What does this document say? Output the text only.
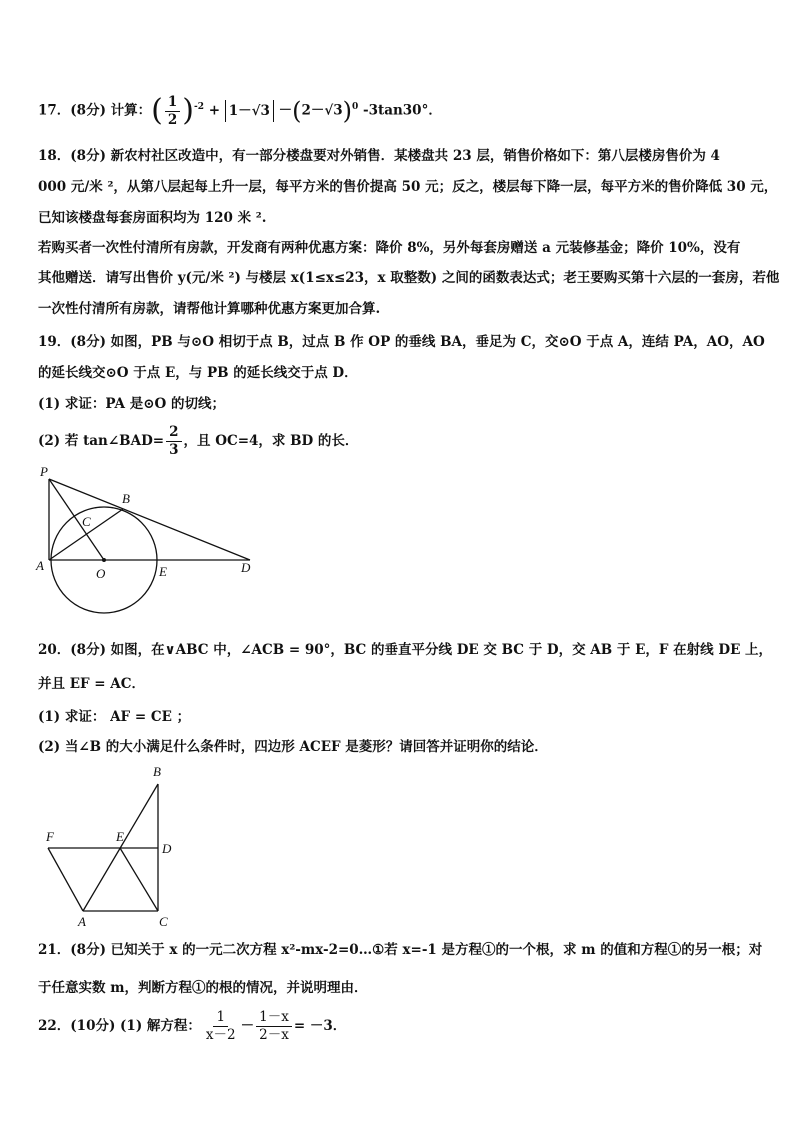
17．(8分) 计算：( $\frac{1}{2} )^{-2} + 1-√3 -(2-√3)^0$ -3tan30°．
18．(8分) 新农村社区改造中，有一部分楼盘要对外销售．某楼盘共 23 层，销售价格如下：第八层楼房售价为 4
000 元/米 ²，从第八层起每上升一层，每平方米的售价提高 50 元；反之，楼层每下降一层，每平方米的售价降低 30 元，
已知该楼盘每套房面积均为 120 米 ².
若购买者一次性付清所有房款，开发商有两种优惠方案：降价 8%，另外每套房赠送 a 元装修基金；降价 10%，没有
其他赠送．请写出售价 y(元/米 ²) 与楼层 x(1≤x≤23，x 取整数) 之间的函数表达式；老王要购买第十六层的一套房，若他
一次性付清所有房款，请帮他计算哪种优惠方案更加合算.
19．(8分) 如图，PB 与⊙O 相切于点 B，过点 B 作 OP 的垂线 BA，垂足为 C，交⊙O 于点 A，连结 PA，AO，AO
的延长线交⊙O 于点 E，与 PB 的延长线交于点 D．
(1) 求证：PA 是⊙O 的切线；
(2) 若 tan∠BAD= $\frac{2}{3}$ ，且 OC=4，求 BD 的长．
P
B
C
A
O	E	D
20．(8分) 如图，在∨ABC 中，∠ACB = 90°，BC 的垂直平分线 DE 交 BC 于 D，交 AB 于 E，F 在射线 DE 上，
并且 EF = AC．
(1) 求证： AF = CE ；
(2) 当∠B 的大小满足什么条件时，四边形 ACEF 是菱形？请回答并证明你的结论．
B
F	E
D
A	C
21．(8分) 已知关于 x 的一元二次方程 x²-mx-2=0…①若 x=-1 是方程①的一个根，求 m 的值和方程①的另一根；对
于任意实数 m，判断方程①的根的情况，并说明理由．
22．(10分) (1) 解方程： $\frac{1}{x-2} - \frac{1-x}{2-x} = -3$．
